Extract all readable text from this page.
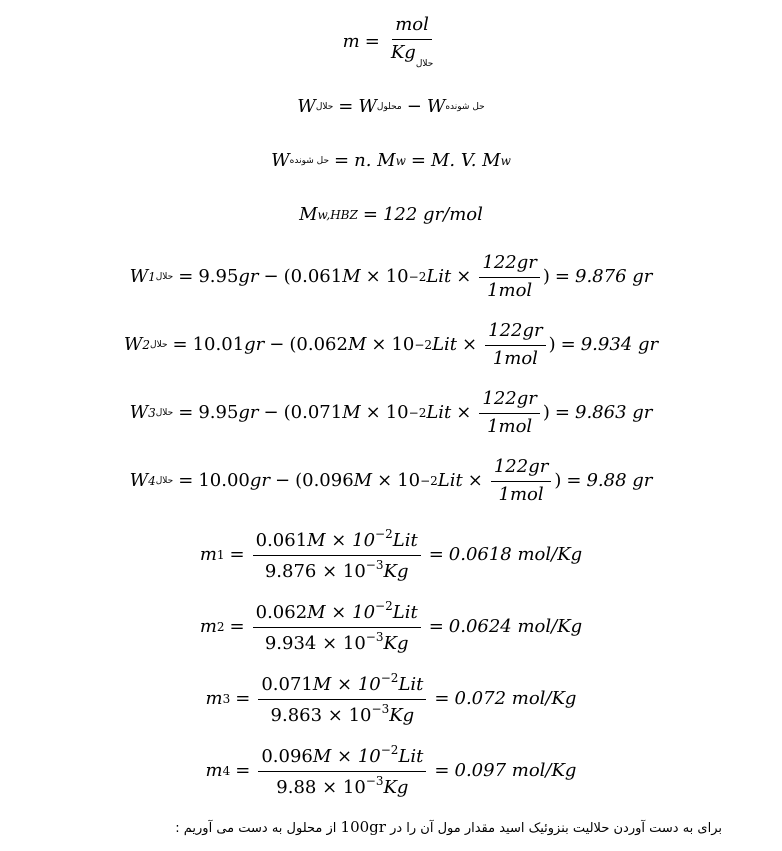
$m = \frac{\text{mol}}{Kg_{حلال}}$
W حلال = W محلول − W حل شونده
W حل شونده = n. M w = M. V. M w
M w,HBZ = 122 gr/mol
W 1 حلال = 9.95 gr − ( 0.061 M × 10 −2 Lit × $\frac{122gr}{\text{1mol}}$ ) = 9.876 gr
W 2 حلال = 10.01 gr − ( 0.062 M × 10 −2 Lit × $\frac{122gr}{\text{1mol}}$ ) = 9.934 gr
W 3 حلال = 9.95 gr − ( 0.071 M × 10 −2 Lit × $\frac{122gr}{\text{1mol}}$ ) = 9.863 gr
W 4 حلال = 10.00 gr − ( 0.096 M × 10 −2 Lit × $\frac{122gr}{\text{1mol}}$ ) = 9.88 gr
m $1 = \frac{0.061M \times 10^{-2}Lit}{9.876 \times 10^{-3}Kg} = 0.0618$ mol/Kg
m $2 = \frac{0.062M \times 10^{-2}Lit}{9.934 \times 10^{-3}Kg} = 0.0624$ mol/Kg
m $3 = \frac{0.071M \times 10^{-2}Lit}{9.863 \times 10^{-3}Kg} = 0.072$ mol/Kg
m $4 = \frac{0.096M \times 10^{-2}Lit}{9.88 \times 10^{-3}Kg} = 0.097$ mol/Kg
برای به دست آوردن حلالیت بنزوئیک اسید مقدار مول آن را در 100gr از محلول به دست می آوریم :
